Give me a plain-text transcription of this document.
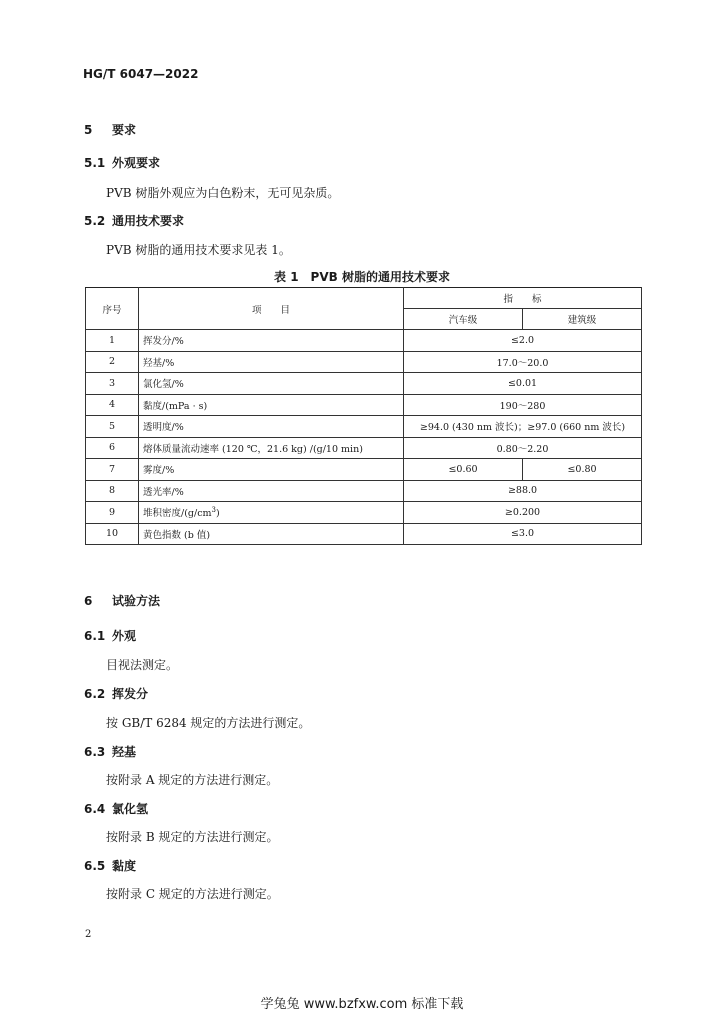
HG/T 6047—2022
5 要求
5.1 外观要求
PVB 树脂外观应为白色粉末，无可见杂质。
5.2 通用技术要求
PVB 树脂的通用技术要求见表 1。
表 1　PVB 树脂的通用技术要求
序号	项　　目	指　　标	
		汽车级	建筑级
1	挥发分/%	≤2.0	
2	羟基/%	17.0～20.0	
3	氯化氢/%	≤0.01	
4	黏度/(mPa · s)	190～280	
5	透明度/%	≥94.0 (430 nm 波长)；≥97.0 (660 nm 波长)	
6	熔体质量流动速率 (120 ℃，21.6 kg) /(g/10 min)	0.80～2.20	
7	雾度/%	≤0.60	≤0.80
8	透光率/%	≥88.0	
9	堆积密度$/(g/cm^3)$	≥0.200	
10	黄色指数 (b 值)	≤3.0	
6 试验方法
6.1 外观
目视法测定。
6.2 挥发分
按 GB/T 6284 规定的方法进行测定。
6.3 羟基
按附录 A 规定的方法进行测定。
6.4 氯化氢
按附录 B 规定的方法进行测定。
6.5 黏度
按附录 C 规定的方法进行测定。
2
学兔兔 www.bzfxw.com 标准下载
